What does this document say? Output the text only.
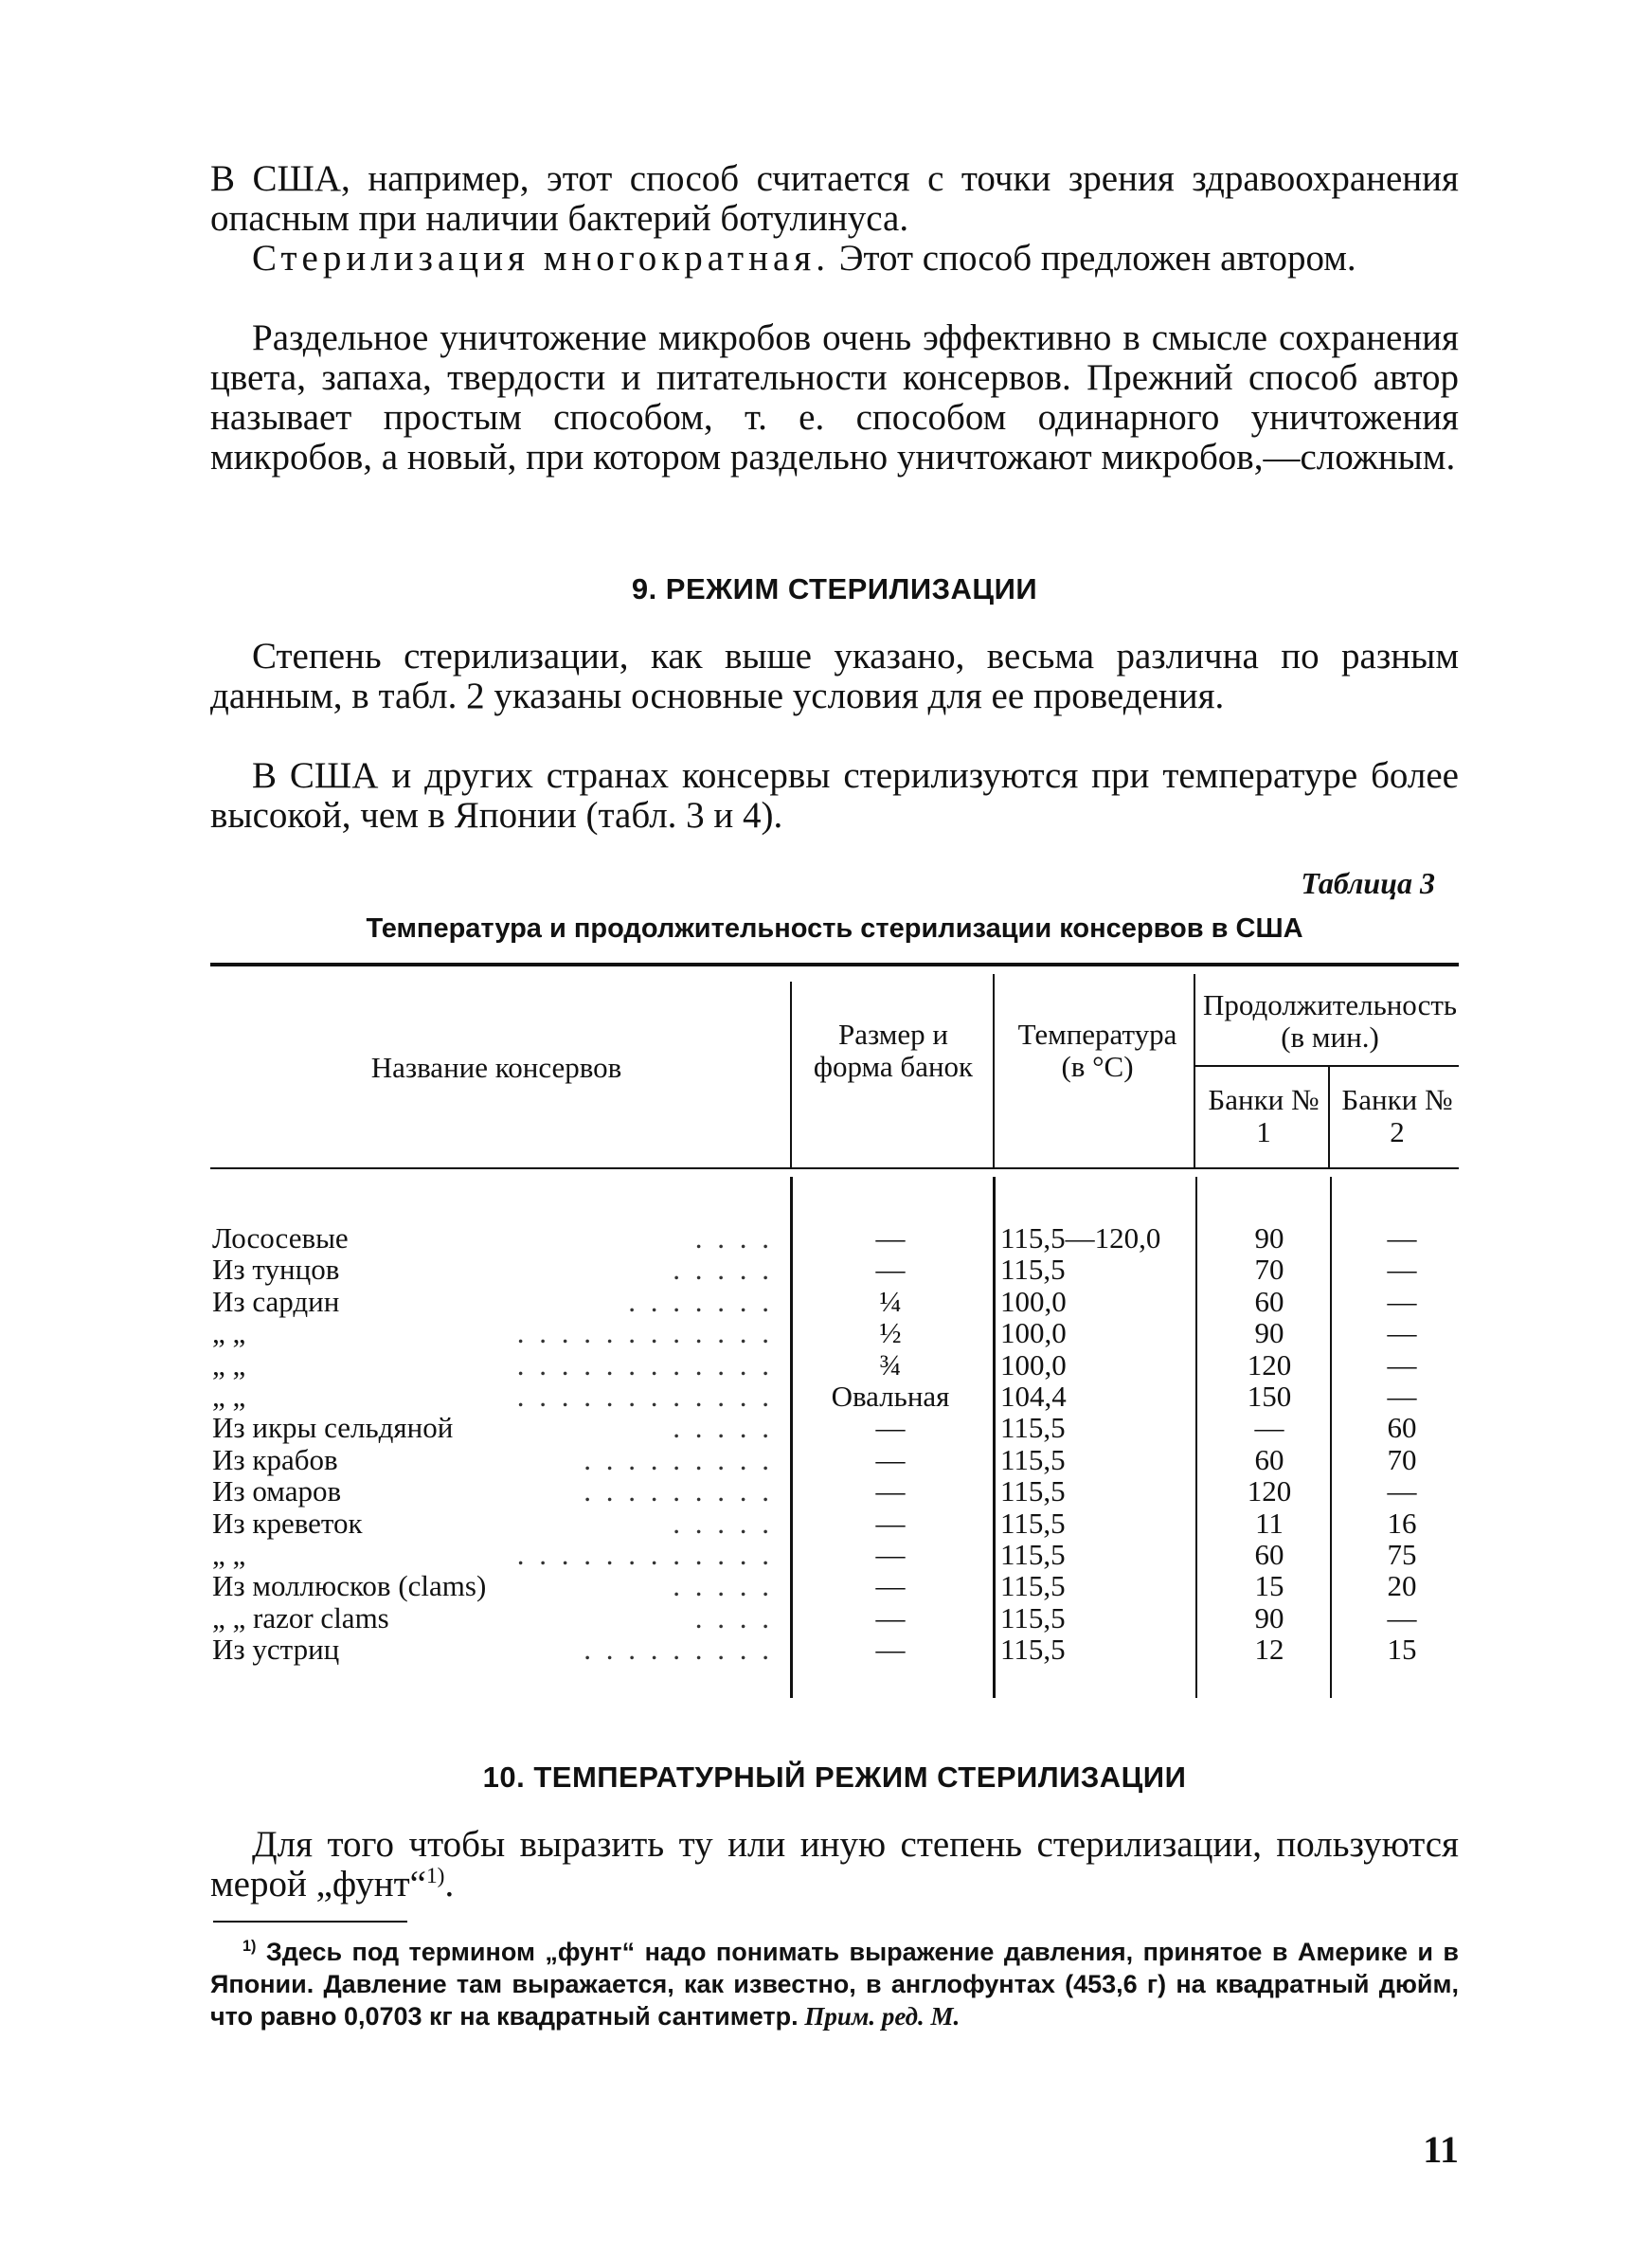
В США, например, этот способ считается с точки зрения здравоохранения опасным при наличии бактерий ботулинуса.
Стерилизация многократная. Этот способ предложен автором.
Раздельное уничтожение микробов очень эффективно в смысле сохранения цвета, запаха, твердости и питательности консервов. Прежний способ автор называет простым способом, т. е. способом одинарного уничтожения микробов, а новый, при котором раздельно уничтожают микробов,—сложным.
9. РЕЖИМ СТЕРИЛИЗАЦИИ
Степень стерилизации, как выше указано, весьма различна по разным данным, в табл. 2 указаны основные условия для ее проведения.
В США и других странах консервы стерилизуются при температуре более высокой, чем в Японии (табл. 3 и 4).
Таблица 3
Температура и продолжительность стерилизации консервов в США
Название консервов
Размер и форма банок
Температура (в °С)
Продолжительность (в мин.)
Банки № 1
Банки № 2
Лососевые	. . . .	—	115,5—120,0	90	—
Из тунцов	. . . . .	—	115,5	70	—
Из сардин	. . . . . . .	¼	100,0	60	—
„ „	. . . . . . . . . . . .	½	100,0	90	—
„ „	. . . . . . . . . . . .	¾	100,0	120	—
„ „	. . . . . . . . . . . .	Овальная	104,4	150	—
Из икры сельдяной	. . . . .	—	115,5	—	60
Из крабов	. . . . . . . . .	—	115,5	60	70
Из омаров	. . . . . . . . .	—	115,5	120	—
Из креветок	. . . . .	—	115,5	11	16
„ „	. . . . . . . . . . . .	—	115,5	60	75
Из моллюсков (clams)	. . . . .	—	115,5	15	20
„ „ razor clams	. . . .	—	115,5	90	—
Из устриц	. . . . . . . . .	—	115,5	12	15
10. ТЕМПЕРАТУРНЫЙ РЕЖИМ СТЕРИЛИЗАЦИИ
Для того чтобы выразить ту или иную степень стерилизации, пользуются мерой „фунт“$^{1)}$.
$^{1)}$ Здесь под термином „фунт“ надо понимать выражение давления, принятое в Америке и в Японии. Давление там выражается, как известно, в англофунтах (453,6 г) на квадратный дюйм, что равно 0,0703 кг на квадратный сантиметр. Прим. ред. М.
11
